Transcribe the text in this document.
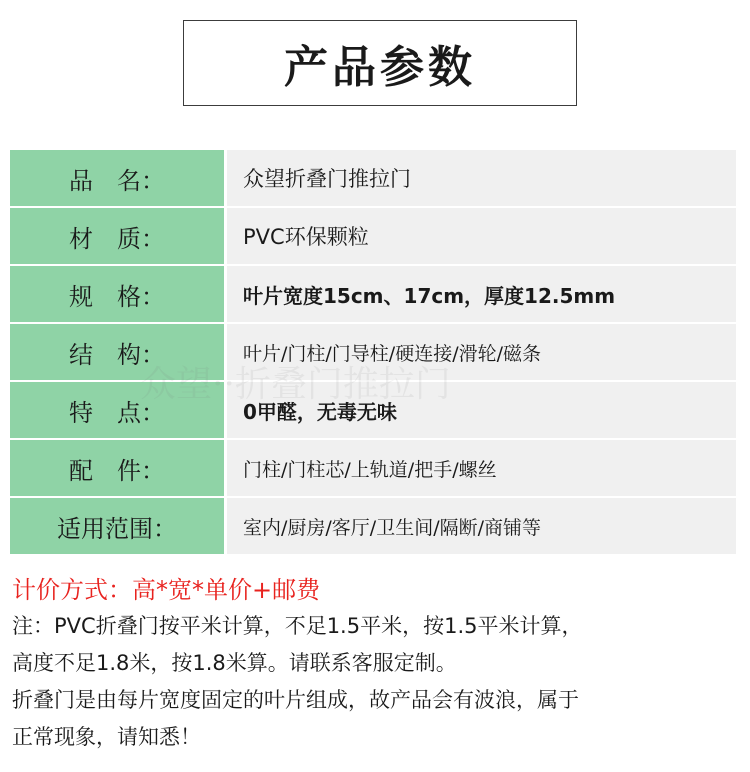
产品参数
品　名：	众望折叠门推拉门
材　质：	PVC环保颗粒
规　格：	叶片宽度15cm、17cm，厚度12.5mm
结　构：	叶片/门柱/门导柱/硬连接/滑轮/磁条
特　点：	0甲醛，无毒无味
配　件：	门柱/门柱芯/上轨道/把手/螺丝
适用范围：	室内/厨房/客厅/卫生间/隔断/商铺等
计价方式：高*宽*单价+邮费
注：PVC折叠门按平米计算，不足1.5平米，按1.5平米计算，
高度不足1.8米，按1.8米算。请联系客服定制。
折叠门是由每片宽度固定的叶片组成，故产品会有波浪，属于
正常现象，请知悉！
